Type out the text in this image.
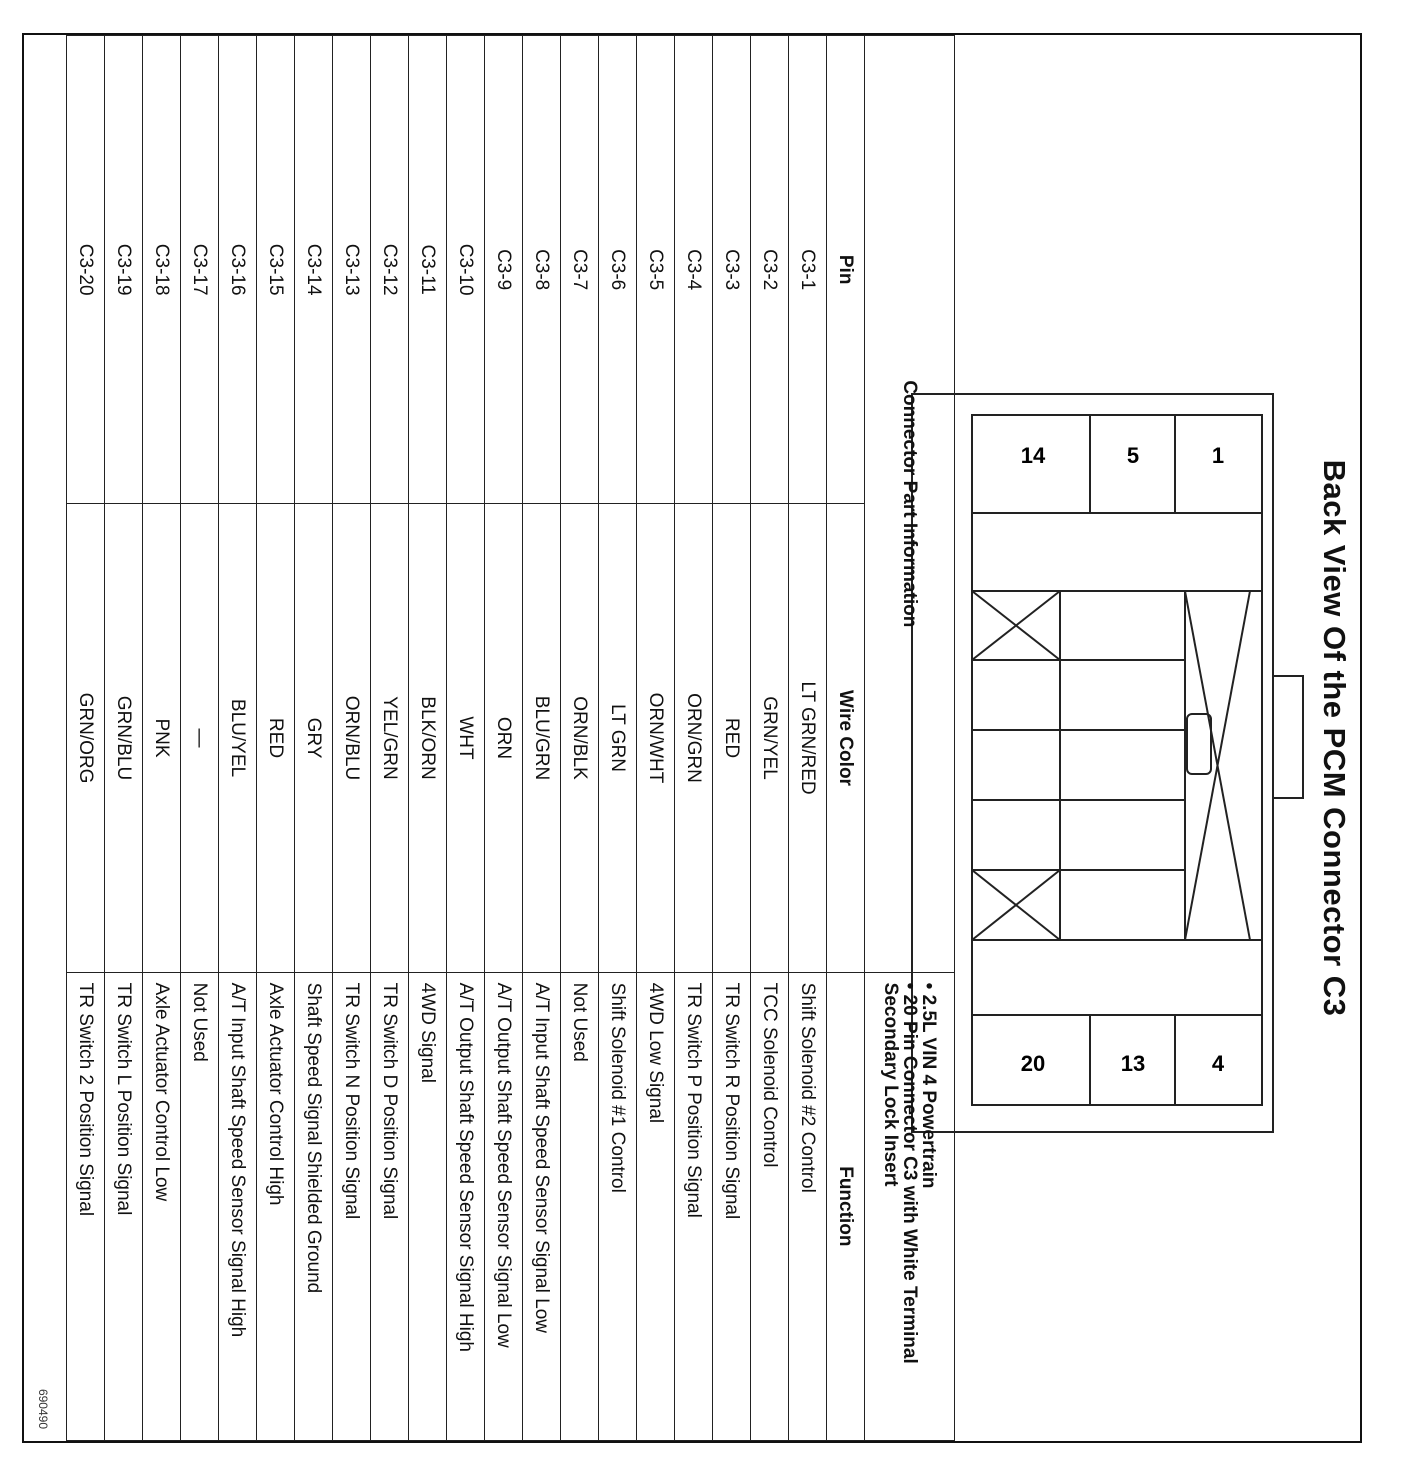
Back View Of the PCM Connector C3
1
5
14
4
13
20
Connector Part Information		• 2.5L VIN 4 Powertrain
• 20 Pin Connector C3 with White Terminal Secondary Lock Insert

Pin	Wire Color	Function
C3-1	LT GRN/RED	Shift Solenoid #2 Control
C3-2	GRN/YEL	TCC Solenoid Control
C3-3	RED	TR Switch R Position Signal
C3-4	ORN/GRN	TR Switch P Position Signal
C3-5	ORN/WHT	4WD Low Signal
C3-6	LT GRN	Shift Solenoid #1 Control
C3-7	ORN/BLK	Not Used
C3-8	BLU/GRN	A/T Input Shaft Speed Sensor Signal Low
C3-9	ORN	A/T Output Shaft Speed Sensor Signal Low
C3-10	WHT	A/T Output Shaft Speed Sensor Signal High
C3-11	BLK/ORN	4WD Signal
C3-12	YEL/GRN	TR Switch D Position Signal
C3-13	ORN/BLU	TR Switch N Position Signal
C3-14	GRY	Shaft Speed Signal Shielded Ground
C3-15	RED	Axle Actuator Control High
C3-16	BLU/YEL	A/T Input Shaft Speed Sensor Signal High
C3-17	—	Not Used
C3-18	PNK	Axle Actuator Control Low
C3-19	GRN/BLU	TR Switch L Position Signal
C3-20	GRN/ORG	TR Switch 2 Position Signal
690490
